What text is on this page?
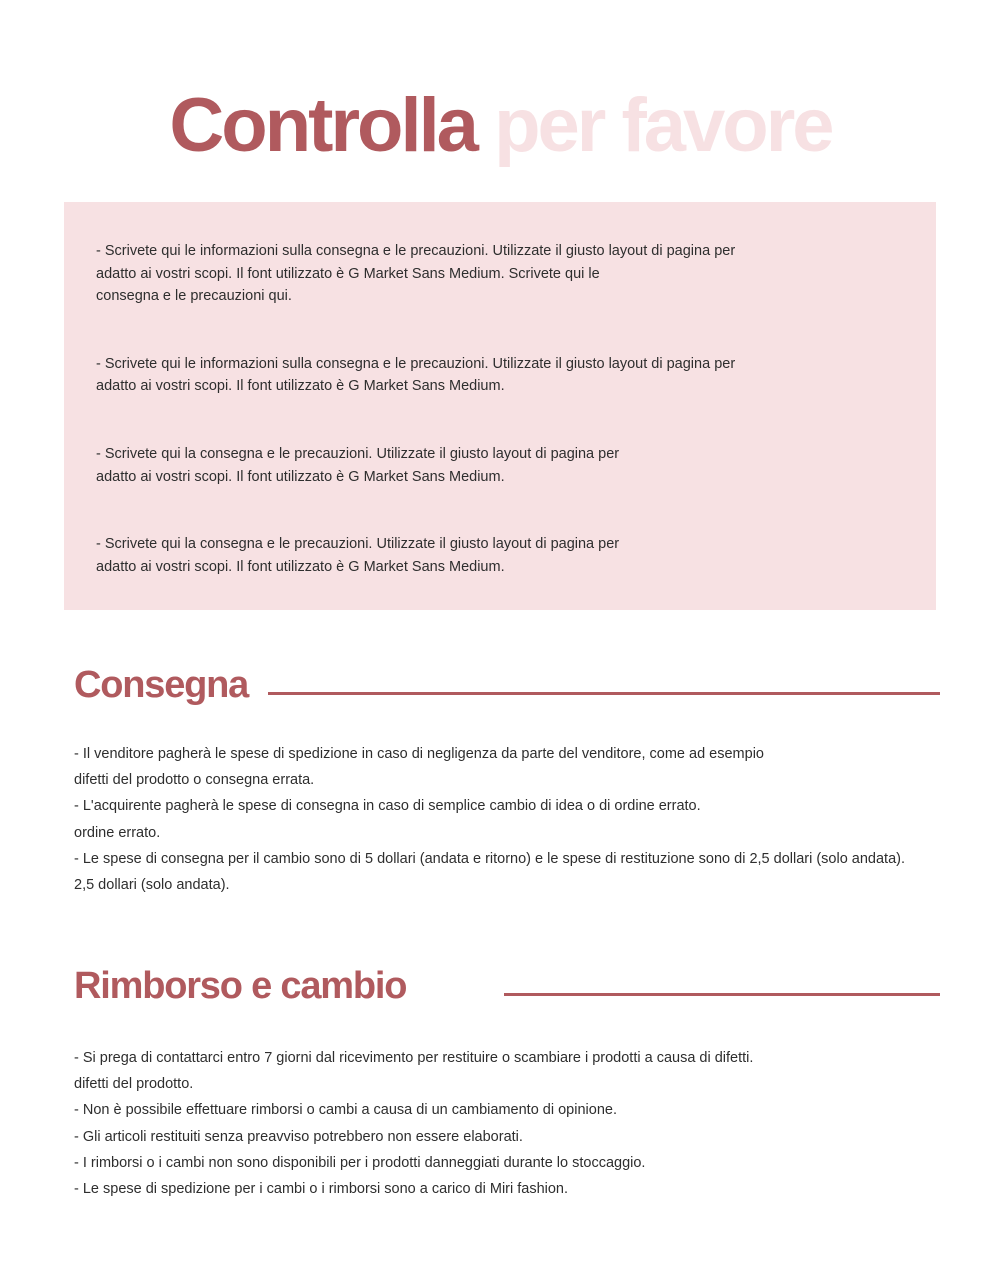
Controlla per favore

- Scrivete qui le informazioni sulla consegna e le precauzioni. Utilizzate il giusto layout di pagina per
adatto ai vostri scopi. Il font utilizzato è G Market Sans Medium. Scrivete qui le
consegna e le precauzioni qui.

- Scrivete qui le informazioni sulla consegna e le precauzioni. Utilizzate il giusto layout di pagina per
adatto ai vostri scopi. Il font utilizzato è G Market Sans Medium.

- Scrivete qui la consegna e le precauzioni. Utilizzate il giusto layout di pagina per
adatto ai vostri scopi. Il font utilizzato è G Market Sans Medium.

- Scrivete qui la consegna e le precauzioni. Utilizzate il giusto layout di pagina per
adatto ai vostri scopi. Il font utilizzato è G Market Sans Medium.

Consegna
- Il venditore pagherà le spese di spedizione in caso di negligenza da parte del venditore, come ad esempio
difetti del prodotto o consegna errata.
- L'acquirente pagherà le spese di consegna in caso di semplice cambio di idea o di ordine errato.
ordine errato.
- Le spese di consegna per il cambio sono di 5 dollari (andata e ritorno) e le spese di restituzione sono di 2,5 dollari (solo andata).
2,5 dollari (solo andata).
Rimborso e cambio
- Si prega di contattarci entro 7 giorni dal ricevimento per restituire o scambiare i prodotti a causa di difetti.
difetti del prodotto.
- Non è possibile effettuare rimborsi o cambi a causa di un cambiamento di opinione.
- Gli articoli restituiti senza preavviso potrebbero non essere elaborati.
- I rimborsi o i cambi non sono disponibili per i prodotti danneggiati durante lo stoccaggio.
- Le spese di spedizione per i cambi o i rimborsi sono a carico di Miri fashion.
